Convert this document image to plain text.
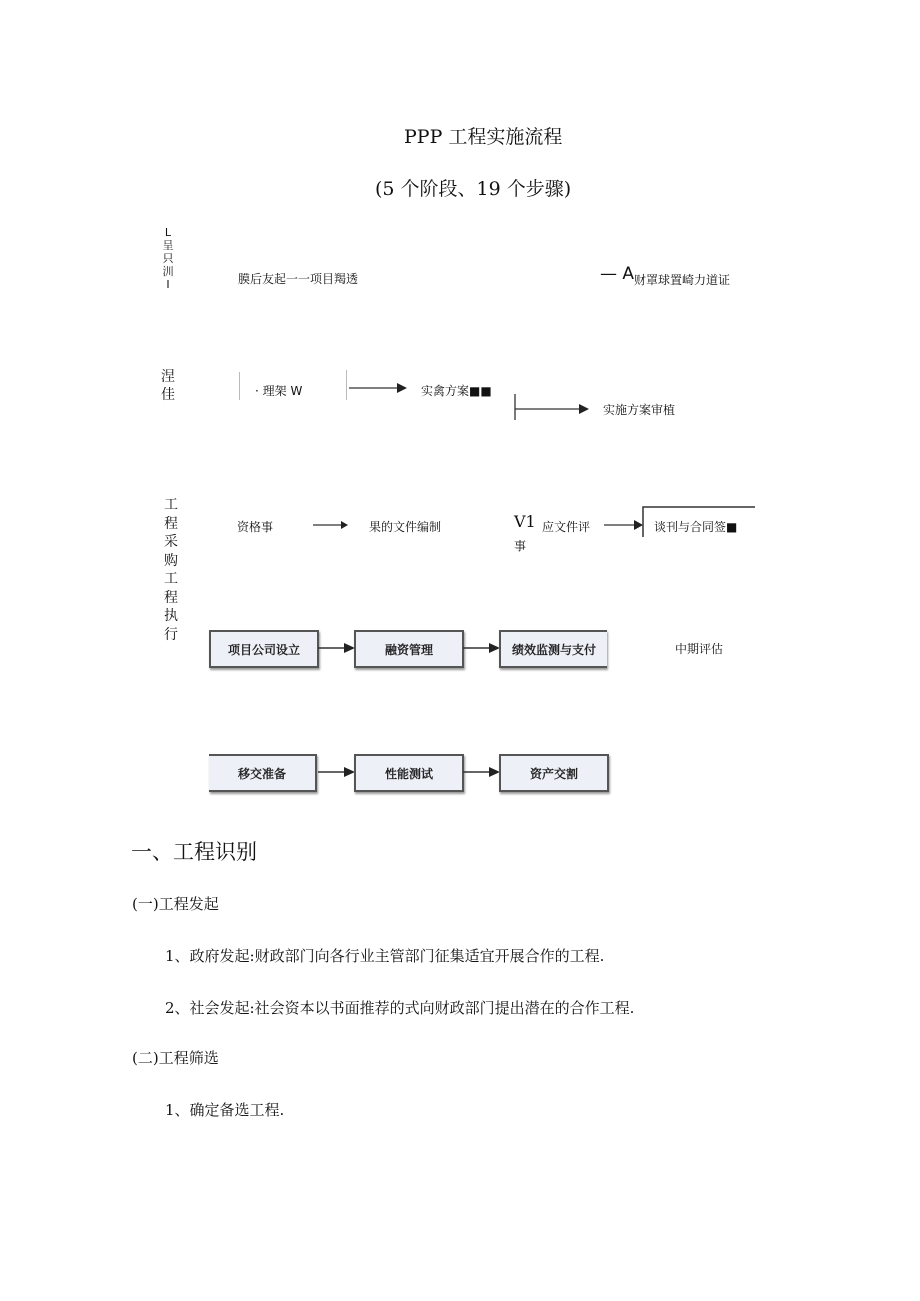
PPP 工程实施流程
(5 个阶段、19 个步骤)
L 呈只 汌 I	膜后友起一一项目羯透	— A 财罩球置崎力道证
涅 佳	· 理架 W	实禽方案■■
实施方案审植
工程采购工程执行
资格事	果的文件编制	V1 应文件评
事
谈刊与合同签■
项目公司设立	融资管理	绩效监测与支付	中期评估
移交准备	性能测试	资产交割
一、工程识别
(一)工程发起
1、政府发起:财政部门向各行业主管部门征集适宜开展合作的工程.
2、社会发起:社会资本以书面推荐的式向财政部门提出潜在的合作工程.
(二)工程筛选
1、确定备选工程.
